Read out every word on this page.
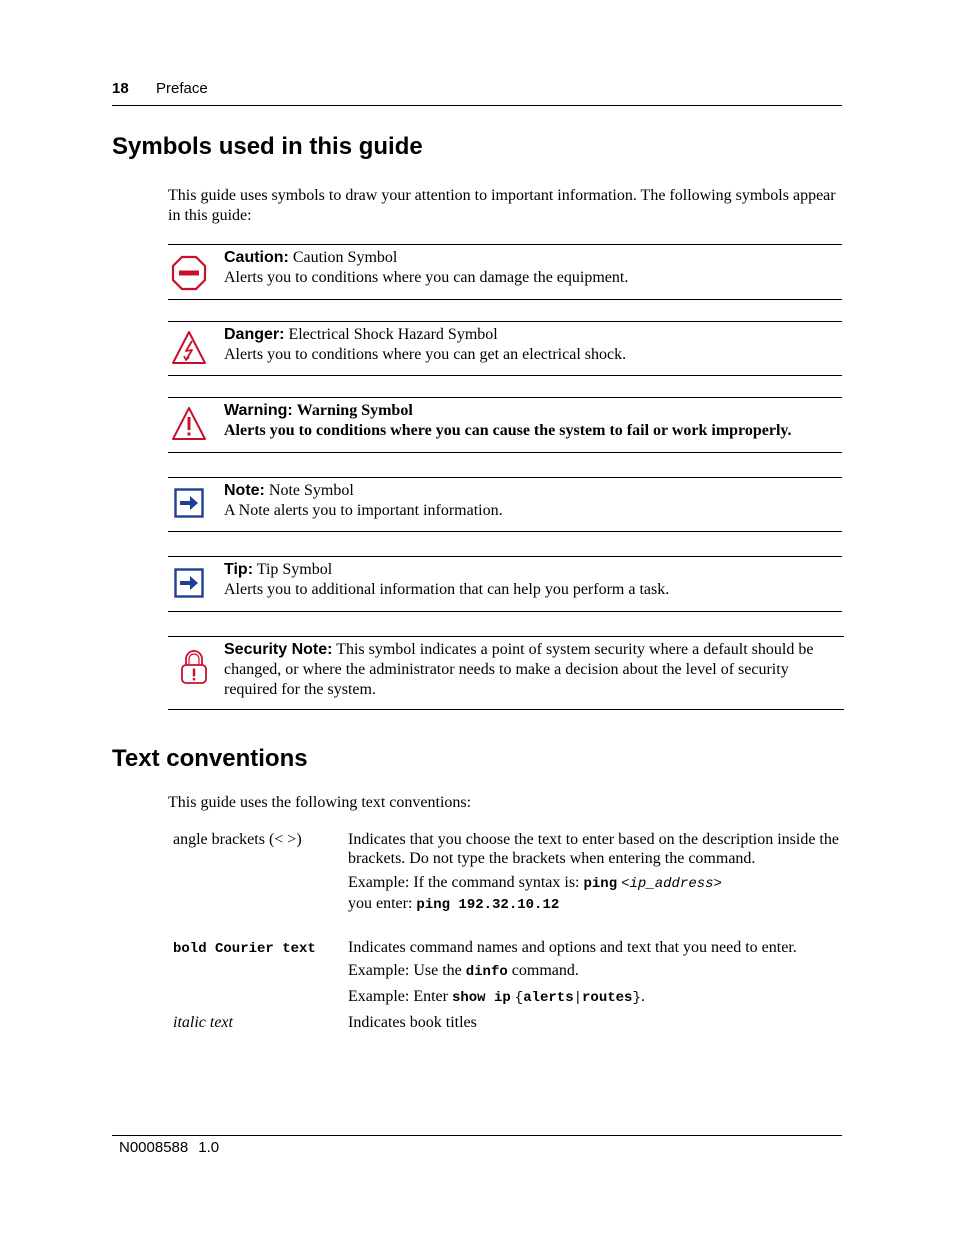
18 Preface
Symbols used in this guide
This guide uses symbols to draw your attention to important information. The following symbols appear in this guide:
Caution: Caution Symbol
Alerts you to conditions where you can damage the equipment.
Danger: Electrical Shock Hazard Symbol
Alerts you to conditions where you can get an electrical shock.
Warning: Warning Symbol
Alerts you to conditions where you can cause the system to fail or work improperly.
Note: Note Symbol
A Note alerts you to important information.
Tip: Tip Symbol
Alerts you to additional information that can help you perform a task.
Security Note: This symbol indicates a point of system security where a default should be changed, or where the administrator needs to make a decision about the level of security required for the system.
Text conventions
This guide uses the following text conventions:
angle brackets (< >)	Indicates that you choose the text to enter based on the description inside the brackets. Do not type the brackets when entering the command.
Example: If the command syntax is: ping <ip_address>
you enter: ping 192.32.10.12
bold Courier text Indicates command names and options and text that you need to enter.
Example: Use the dinfo command.
Example: Enter show ip {alerts|routes}.
italic text	Indicates book titles
N0008588 1.0
